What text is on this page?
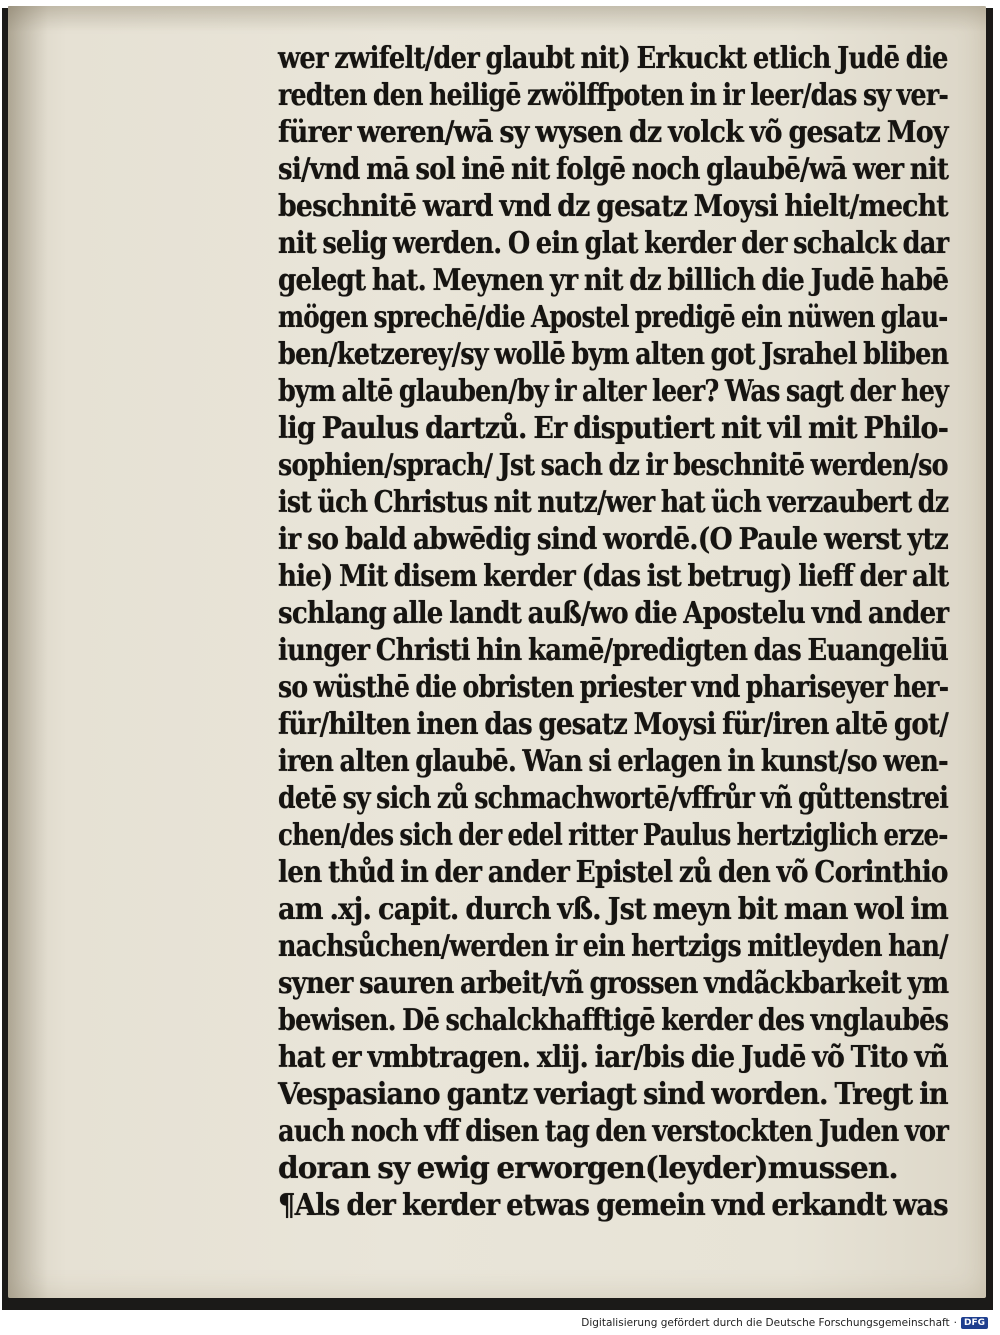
wer zwifelt/der glaubt nit) Erkuckt etlich Judē die
redten den heiligē zwölffpoten in ir leer/das sy ver-
fürer weren/wā sy wysen dz volck võ gesatz Moy
si/vnd mā sol inē nit folgē noch glaubē/wā wer nit
beschnitē ward vnd dz gesatz Moysi hielt/mecht
nit selig werden. O ein glat kerder der schalck dar
gelegt hat. Meynen yr nit dz billich die Judē habē
mögen sprechē/die Apostel predigē ein nüwen glau-
ben/ketzerey/sy wollē bym alten got Jsrahel bliben
bym altē glauben/by ir alter leer? Was sagt der hey
lig Paulus dartzů. Er disputiert nit vil mit Philo-
sophien/sprach/ Jst sach dz ir beschnitē werden/so
ist üch Christus nit nutz/wer hat üch verzaubert dz
ir so bald abwēdig sind wordē.(O Paule werst ytz
hie) Mit disem kerder (das ist betrug) lieff der alt
schlang alle landt auß/wo die Apostelu vnd ander
iunger Christi hin kamē/predigten das Euangeliū
so wüsthē die obristen priester vnd phariseyer her-
für/hilten inen das gesatz Moysi für/iren altē got/
iren alten glaubē. Wan si erlagen in kunst/so wen-
detē sy sich zů schmachwortē/vffrůr vñ gůttenstrei
chen/des sich der edel ritter Paulus hertziglich erze-
len thůd in der ander Epistel zů den võ Corinthio
am .xj. capit. durch vß. Jst meyn bit man wol im
nachsůchen/werden ir ein hertzigs mitleyden han/
syner sauren arbeit/vñ grossen vndãckbarkeit ym
bewisen. Dē schalckhafftigē kerder des vnglaubēs
hat er vmbtragen. xlij. iar/bis die Judē võ Tito vñ
Vespasiano gantz veriagt sind worden. Tregt in
auch noch vff disen tag den verstockten Juden vor
doran sy ewig erworgen(leyder)mussen.
¶Als der kerder etwas gemein vnd erkandt was
Digitalisierung gefördert durch die Deutsche Forschungsgemeinschaft · DFG
